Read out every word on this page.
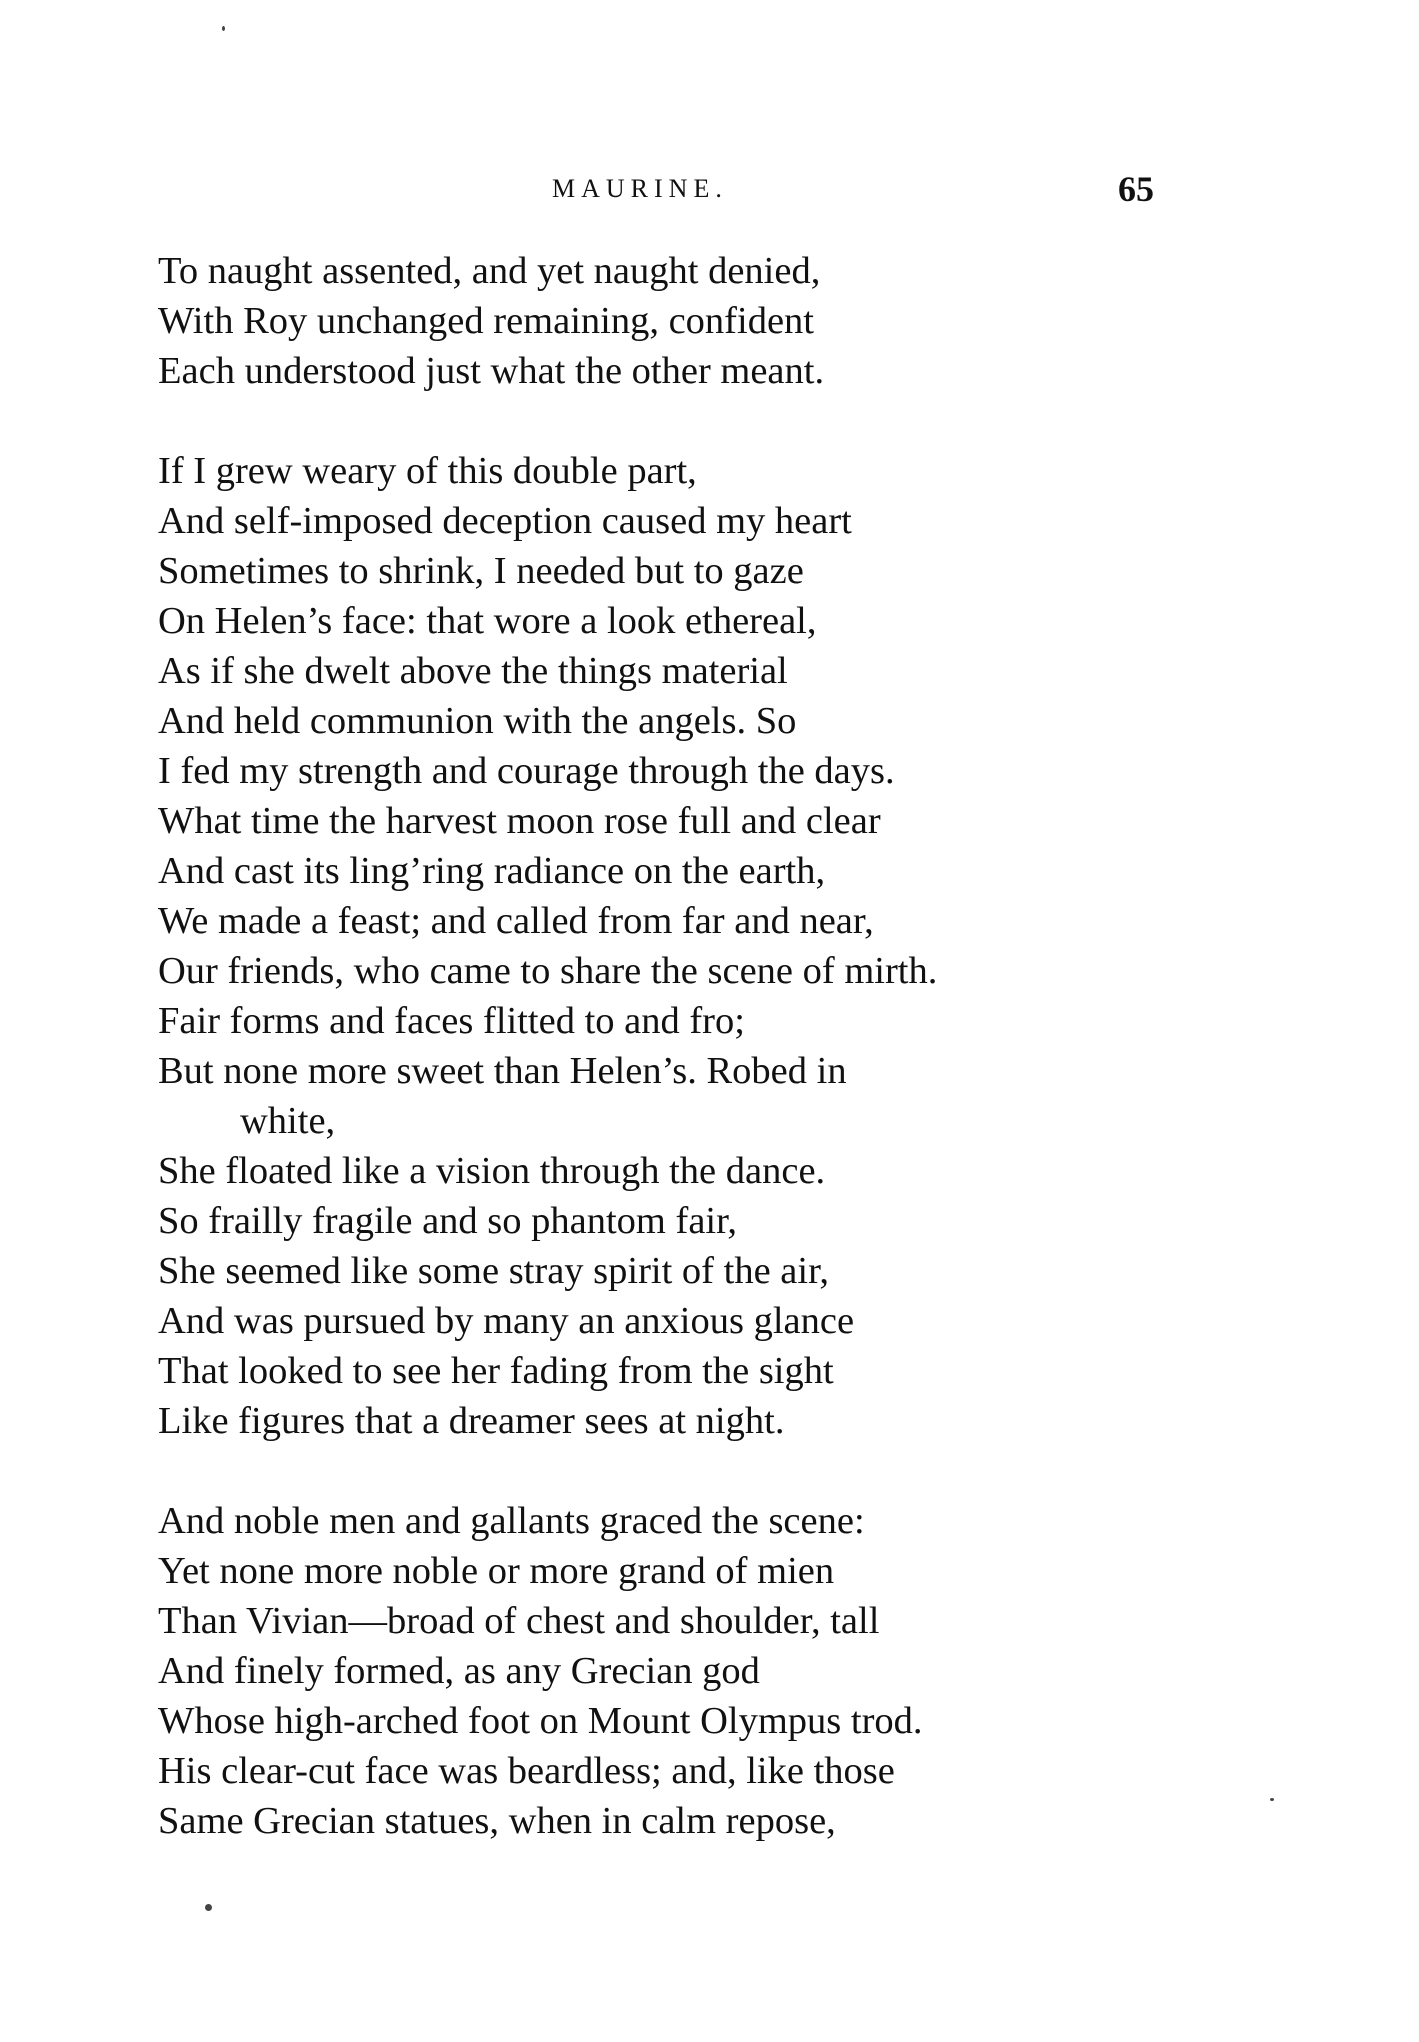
MAURINE.	65
To naught assented, and yet naught denied,
With Roy unchanged remaining, confident
Each understood just what the other meant.
If I grew weary of this double part,
And self-imposed deception caused my heart
Sometimes to shrink, I needed but to gaze
On Helen’s face: that wore a look ethereal,
As if she dwelt above the things material
And held communion with the angels. So
I fed my strength and courage through the days.
What time the harvest moon rose full and clear
And cast its ling’ring radiance on the earth,
We made a feast; and called from far and near,
Our friends, who came to share the scene of mirth.
Fair forms and faces flitted to and fro;
But none more sweet than Helen’s. Robed in
white,
She floated like a vision through the dance.
So frailly fragile and so phantom fair,
She seemed like some stray spirit of the air,
And was pursued by many an anxious glance
That looked to see her fading from the sight
Like figures that a dreamer sees at night.
And noble men and gallants graced the scene:
Yet none more noble or more grand of mien
Than Vivian—broad of chest and shoulder, tall
And finely formed, as any Grecian god
Whose high-arched foot on Mount Olympus trod.
His clear-cut face was beardless; and, like those
Same Grecian statues, when in calm repose,
